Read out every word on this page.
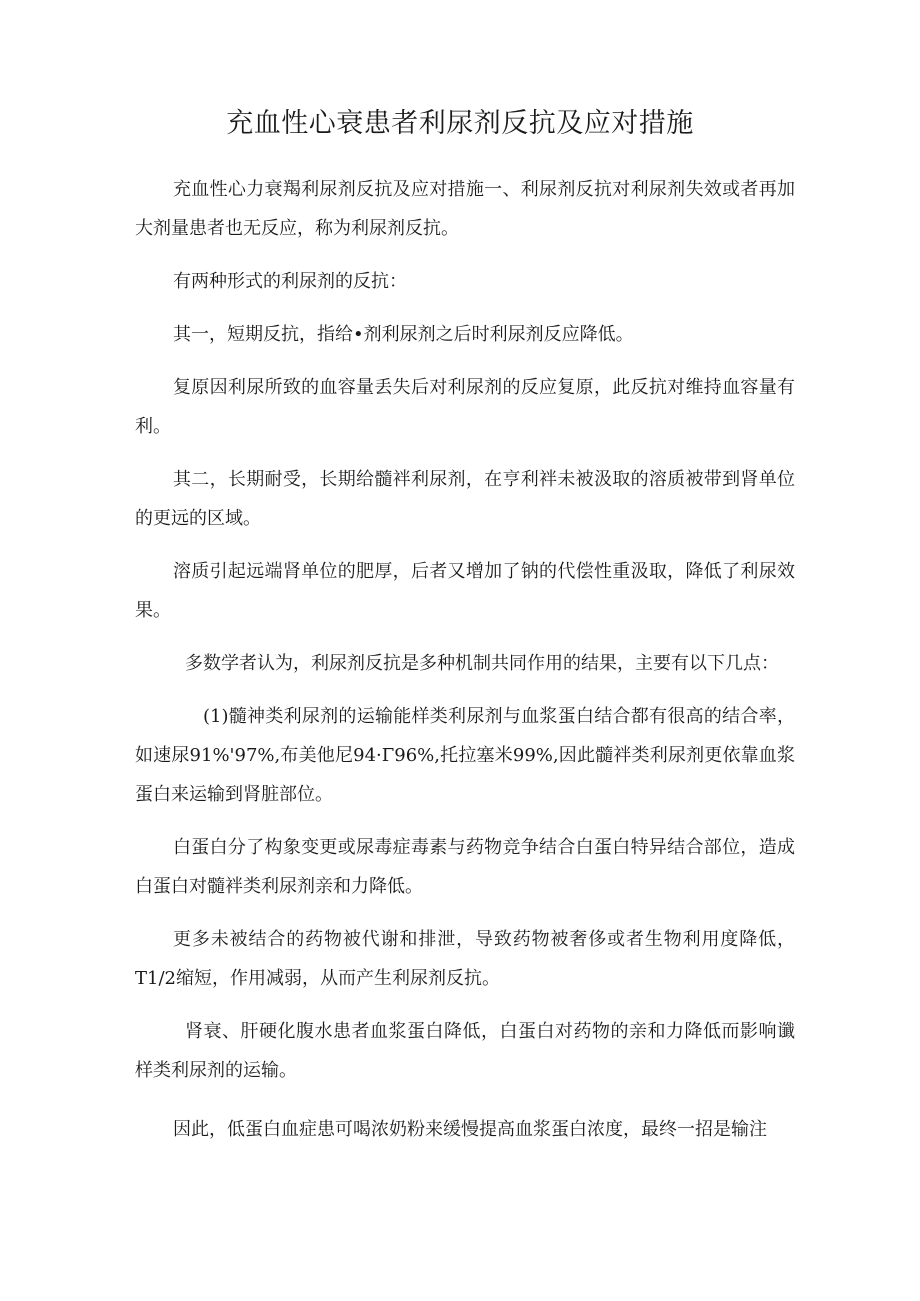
充血性心衰患者利尿剂反抗及应对措施

充血性心力衰羯利尿剂反抗及应对措施一、利尿剂反抗对利尿剂失效或者再加大剂量患者也无反应，称为利尿剂反抗。

有两种形式的利尿剂的反抗：

其一，短期反抗，指给•剂利尿剂之后时利尿剂反应降低。

复原因利尿所致的血容量丢失后对利尿剂的反应复原，此反抗对维持血容量有利。

其二，长期耐受，长期给髓袢利尿剂，在亨利袢未被汲取的溶质被带到肾单位的更远的区域。

溶质引起远端肾单位的肥厚，后者又增加了钠的代偿性重汲取，降低了利尿效果。

多数学者认为，利尿剂反抗是多种机制共同作用的结果，主要有以下几点：

(1)髓神类利尿剂的运输能样类利尿剂与血浆蛋白结合都有很高的结合率，如速尿91%'97%,布美他尼94·Γ96%,托拉塞米99%,因此髓袢类利尿剂更依靠血浆蛋白来运输到肾脏部位。

白蛋白分了构象变更或尿毒症毒素与药物竞争结合白蛋白特异结合部位，造成白蛋白对髓袢类利尿剂亲和力降低。

更多未被结合的药物被代谢和排泄，导致药物被奢侈或者生物利用度降低，T1/2缩短，作用减弱，从而产生利尿剂反抗。

肾衰、肝硬化腹水患者血浆蛋白降低，白蛋白对药物的亲和力降低而影响谶样类利尿剂的运输。

因此，低蛋白血症患可喝浓奶粉来缓慢提高血浆蛋白浓度，最终一招是输注
